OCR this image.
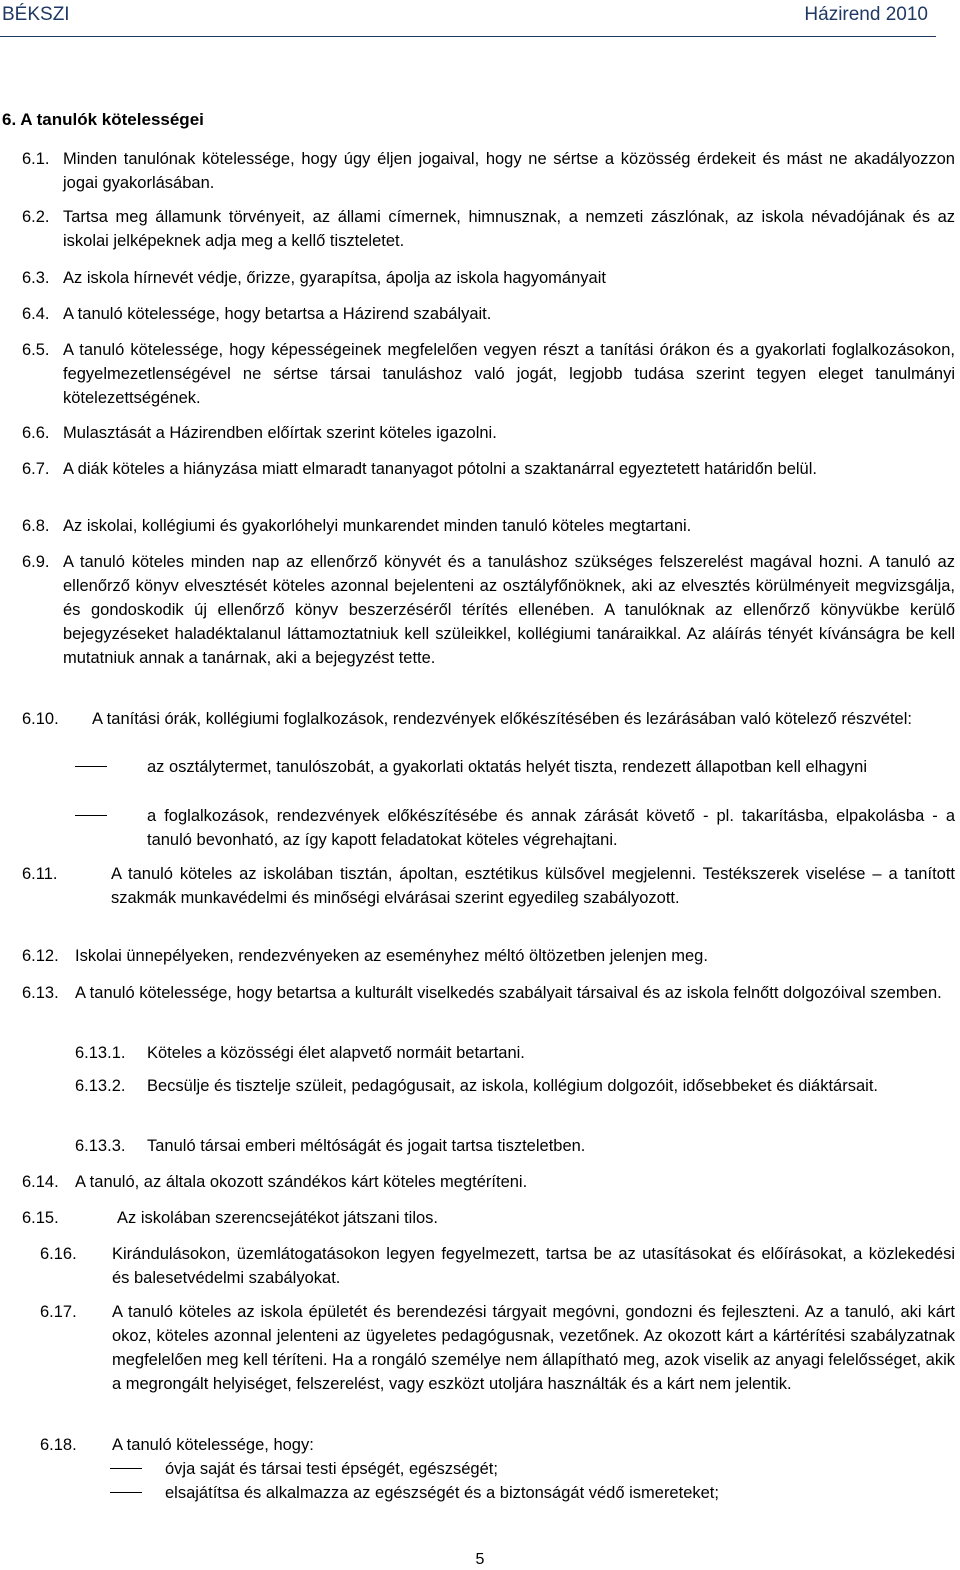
BÉKSZI	Házirend 2010
6. A tanulók kötelességei
6.1. Minden tanulónak kötelessége, hogy úgy éljen jogaival, hogy ne sértse a közösség érdekeit és mást ne akadályozzon jogai gyakorlásában.
6.2. Tartsa meg államunk törvényeit, az állami címernek, himnusznak, a nemzeti zászlónak, az iskola névadójának és az iskolai jelképeknek adja meg a kellő tiszteletet.
6.3. Az iskola hírnevét védje, őrizze, gyarapítsa, ápolja az iskola hagyományait
6.4. A tanuló kötelessége, hogy betartsa a Házirend szabályait.
6.5. A tanuló kötelessége, hogy képességeinek megfelelően vegyen részt a tanítási órákon és a gyakorlati foglalkozásokon, fegyelmezetlenségével ne sértse társai tanuláshoz való jogát, legjobb tudása szerint tegyen eleget tanulmányi kötelezettségének.
6.6. Mulasztását a Házirendben előírtak szerint köteles igazolni.
6.7. A diák köteles a hiányzása miatt elmaradt tananyagot pótolni a szaktanárral egyeztetett határidőn belül.
6.8. Az iskolai, kollégiumi és gyakorlóhelyi munkarendet minden tanuló köteles megtartani.
6.9. A tanuló köteles minden nap az ellenőrző könyvét és a tanuláshoz szükséges felszerelést magával hozni. A tanuló az ellenőrző könyv elvesztését köteles azonnal bejelenteni az osztályfőnöknek, aki az elvesztés körülményeit megvizsgálja, és gondoskodik új ellenőrző könyv beszerzéséről térítés ellenében. A tanulóknak az ellenőrző könyvükbe kerülő bejegyzéseket haladéktalanul láttamoztatniuk kell szüleikkel, kollégiumi tanáraikkal. Az aláírás tényét kívánságra be kell mutatniuk annak a tanárnak, aki a bejegyzést tette.
6.10.	A tanítási órák, kollégiumi foglalkozások, rendezvények előkészítésében és lezárásában való kötelező részvétel:
az osztálytermet, tanulószobát, a gyakorlati oktatás helyét tiszta, rendezett állapotban kell elhagyni
a foglalkozások, rendezvények előkészítésébe és annak zárását követő - pl. takarításba, elpakolásba - a tanuló bevonható, az így kapott feladatokat köteles végrehajtani.
6.11.	A tanuló köteles az iskolában tisztán, ápoltan, esztétikus külsővel megjelenni. Testékszerek viselése – a tanított szakmák munkavédelmi és minőségi elvárásai szerint egyedileg szabályozott.
6.12. Iskolai ünnepélyeken, rendezvényeken az eseményhez méltó öltözetben jelenjen meg.
6.13. A tanuló kötelessége, hogy betartsa a kulturált viselkedés szabályait társaival és az iskola felnőtt dolgozóival szemben.
6.13.1.	Köteles a közösségi élet alapvető normáit betartani.
6.13.2.	Becsülje és tisztelje szüleit, pedagógusait, az iskola, kollégium dolgozóit, idősebbeket és diáktársait.
6.13.3.	Tanuló társai emberi méltóságát és jogait tartsa tiszteletben.
6.14. A tanuló, az általa okozott szándékos kárt köteles megtéríteni.
6.15.	Az iskolában szerencsejátékot játszani tilos.
6.16.	Kirándulásokon, üzemlátogatásokon legyen fegyelmezett, tartsa be az utasításokat és előírásokat, a közlekedési és balesetvédelmi szabályokat.
6.17.	A tanuló köteles az iskola épületét és berendezési tárgyait megóvni, gondozni és fejleszteni. Az a tanuló, aki kárt okoz, köteles azonnal jelenteni az ügyeletes pedagógusnak, vezetőnek. Az okozott kárt a kártérítési szabályzatnak megfelelően meg kell téríteni. Ha a rongáló személye nem állapítható meg, azok viselik az anyagi felelősséget, akik a megrongált helyiséget, felszerelést, vagy eszközt utoljára használták és a kárt nem jelentik.
6.18.	A tanuló kötelessége, hogy:
óvja saját és társai testi épségét, egészségét;
elsajátítsa és alkalmazza az egészségét és a biztonságát védő ismereteket;
5
